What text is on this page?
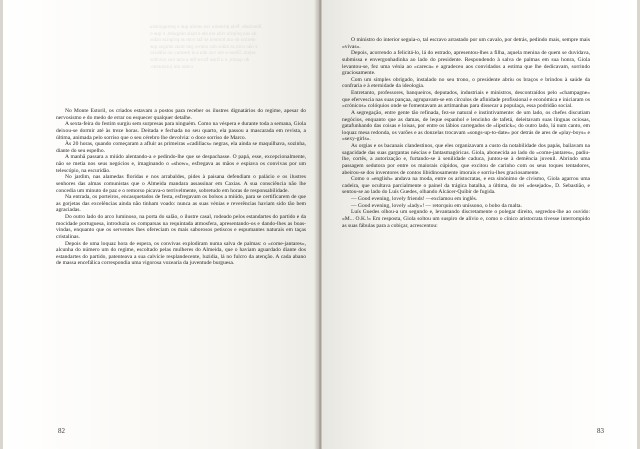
liberdade. Pela primeira vez sentiu que o protagonista

da sua própria vida era ele e mais ninguém, e que o

destino de um homem se faz com as próprias mãos

e não com as mãos dos outros, por mais amigas que

sejam. Disse-o em voz alta a si mesmo, no silêncio

do quarto, e a frase ficou-lhe a soar nos ouvidos

como um juramento.

No Monte Estoril, os criados estavam a postos para receber os ilustres dignatários do regime, apesar do nervosismo e do medo de errar ou esquecer qualquer detalhe.

A sexta-feira do festim surgiu sem surpresas para ninguém. Como na véspera e durante toda a semana, Giola deixou-se dormir até às treze horas. Deitada e fechada no seu quarto, ela passou a mascarada em revista, a última, animada pelo sorriso que o seu cérebro lhe devolvia: o doce sorriso de Marco.

Às 20 horas, quando começaram a afluir as primeiras «cadillacs» negras, ela ainda se maquilhava, sozinha, diante do seu espelho.

A manhã passara a miúdo alentando-a e pedindo-lhe que se despachasse. O papá, esse, excepcionalmente, não se metia nos seus negócios e, imaginando o «show», esfregava as mãos e espiava os convivas por um telescópio, na escuridão.

No jardim, nas alamedas floridas e nos arrabaldes, pides à paisana defendiam o palácio e os ilustres senhores das almas comunistas que o Almeida mandara assassinar em Caxias. A sua consciência não lhe concedia um minuto de paz e o remorso picava-o terrivelmente, sobretudo em horas de responsabilidade.

Na entrada, os porteiros, encasquetados de festa, esfregavam os bolsos a miúdo, para se certificarem de que as gorjetas das excelências ainda não tinham voado: nunca as suas vénias e reverências haviam sido tão bem agraciadas.

Do outro lado do arco luminoso, na porta do salão, o ilustre casal, rodeado pelos estandartes do partido e da mocidade portuguesa, introduzia os comparsas na requintada atmosfera, apresentando-os e dando-lhes as boas-vindas, enquanto que os serventes lhes ofereciam os mais saborosos petiscos e espumantes naturais em taças cristalinas.

Depois de uma loquaz hora de espera, os convivas explodiram numa salva de palmas: o «come-jantares», alcunha do número um do regime, escoltado pelas mulheres do Almeida, que o haviam aguardado diante dos estandartes do partido, patenteava a sua calvície resplandecente, luzidia, lá no fulcro da atenção. A cada abano de massa encefálica correspondia uma vigorosa vozearia da juventude burguesa.

82

O ministro do interior seguia-o, tal escravo arrastado por um cavalo, por detrás, pedindo mais, sempre mais «vivas».

Depois, acorrendo a felicitá-lo, lá do estrado, apresentou-lhes a filha, aquela menina de quem se duvidava, submissa e envergonhadinha ao lado do presidente. Respondendo à salva de palmas em sua honra, Giola levantou-se, fez uma vénia ao «careca» e agradeceu aos convidados a estima que lhe dedicavam, sorrindo graciosamente.

Com um simples obrigado, instalado no seu trono, o presidente abriu os braços e brindou à saúde da confraria e à eternidade da ideologia.

Entretanto, professores, banqueiros, deputados, industriais e ministros, descontraídos pelo «champagne» que efervescia nas suas pançaa, agrupavam-se em círculos de afinidade profissional e económica e iniciaram os «crónicos» colóquios onde se fomentavam as artimanhas para dissecar a populaça, essa podridão social.

A segregação, entre gente tão refinada, fez-se natural e instintivamente: de um lado, os chefes discutiam negócios, enquanto que as damas, de leque espanhol e lencinho de tafetá, deleitavam suas línguas ociosas, gatafunhando das coisas e loisas, por entre os lábios carregados de «lipstick»; do outro lado, lá num canto, em loquaz mesa redonda, os varões e as donzelas trocavam «songs-up-to-date» por detrás de ares de «play-boys» e «sexy-girls».

As orgias e os bacanais clandestinos, que eles organizavam a custo da notabilidade dos papás, bailavam na sagacidade das suas gargantas néscias e fantasmagóricas. Giola, abonecida ao lado do «come-jantares», padiu-lhe, cortês, a autorização e, furtando-se à senilidade caduca, juntou-se à demência juvenil. Abrindo uma passagem sedutora por entre os maiorais cúpidos, que excitou de carinho com os seus toques tentadores, abeirou-se dos inventores de contos libidinosamente imorais e sorriu-lhes graciosamente.

Como o «english» andava na moda, entre os aristocratas, e era sinónimo de civismo, Giola agarrou uma cadeira, que ocultava parcialmente o painel da trágica batalha, a última, do rei «desejado», D. Sebastião, e sentou-se ao lado do Luís Guedes, olhando Alcácer-Quibir de fugida.

— Good evening, lovely friends! —exclamou em inglês.

— Good evening, lovely «lady»! — retorquiu em uníssono, o bobo da malta.

Luís Guedes olhou-a um segundo e, levantando discretamente o polegar direito, segredou-lhe ao ouvido: «M... O.K.!» Em resposta, Giola soltou um suspiro de alívio e, como o cínico aristocrata tivesse interrompido as suas fábulas para a cobiçar, acrescentou:

83
